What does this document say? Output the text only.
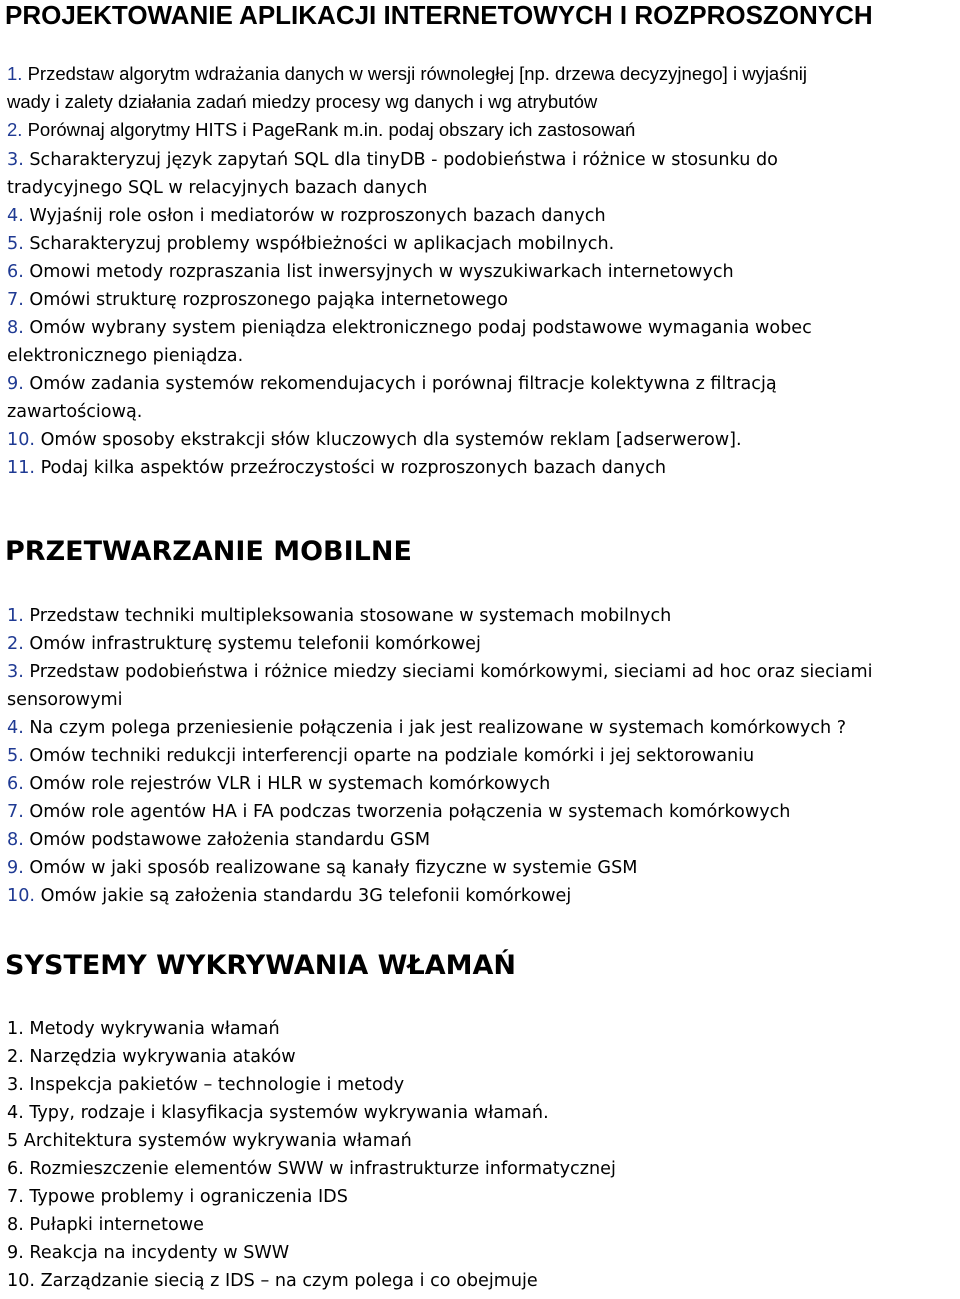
PROJEKTOWANIE APLIKACJI INTERNETOWYCH I ROZPROSZONYCH
1. Przedstaw algorytm wdrażania danych w wersji równoległej [np. drzewa decyzyjnego] i wyjaśnij
wady i zalety działania zadań miedzy procesy wg danych i wg atrybutów
2. Porównaj algorytmy HITS i PageRank m.in. podaj obszary ich zastosowań
3. Scharakteryzuj język zapytań SQL dla tinyDB - podobieństwa i różnice w stosunku do
tradycyjnego SQL w relacyjnych bazach danych
4. Wyjaśnij role osłon i mediatorów w rozproszonych bazach danych
5. Scharakteryzuj problemy współbieżności w aplikacjach mobilnych.
6. Omowi metody rozpraszania list inwersyjnych w wyszukiwarkach internetowych
7. Omówi strukturę rozproszonego pająka internetowego
8. Omów wybrany system pieniądza elektronicznego podaj podstawowe wymagania wobec
elektronicznego pieniądza.
9. Omów zadania systemów rekomendujacych i porównaj filtracje kolektywna z filtracją
zawartościową.
10. Omów sposoby ekstrakcji słów kluczowych dla systemów reklam [adserwerow].
11. Podaj kilka aspektów przeźroczystości w rozproszonych bazach danych
PRZETWARZANIE MOBILNE
1. Przedstaw techniki multipleksowania stosowane w systemach mobilnych
2. Omów infrastrukturę systemu telefonii komórkowej
3. Przedstaw podobieństwa i różnice miedzy sieciami komórkowymi, sieciami ad hoc oraz sieciami
sensorowymi
4. Na czym polega przeniesienie połączenia i jak jest realizowane w systemach komórkowych ?
5. Omów techniki redukcji interferencji oparte na podziale komórki i jej sektorowaniu
6. Omów role rejestrów VLR i HLR w systemach komórkowych
7. Omów role agentów HA i FA podczas tworzenia połączenia w systemach komórkowych
8. Omów podstawowe założenia standardu GSM
9. Omów w jaki sposób realizowane są kanały fizyczne w systemie GSM
10. Omów jakie są założenia standardu 3G telefonii komórkowej
SYSTEMY WYKRYWANIA WŁAMAŃ
1. Metody wykrywania włamań
2. Narzędzia wykrywania ataków
3. Inspekcja pakietów – technologie i metody
4. Typy, rodzaje i klasyfikacja systemów wykrywania włamań.
5 Architektura systemów wykrywania włamań
6. Rozmieszczenie elementów SWW w infrastrukturze informatycznej
7. Typowe problemy i ograniczenia IDS
8. Pułapki internetowe
9. Reakcja na incydenty w SWW
10. Zarządzanie siecią z IDS – na czym polega i co obejmuje
